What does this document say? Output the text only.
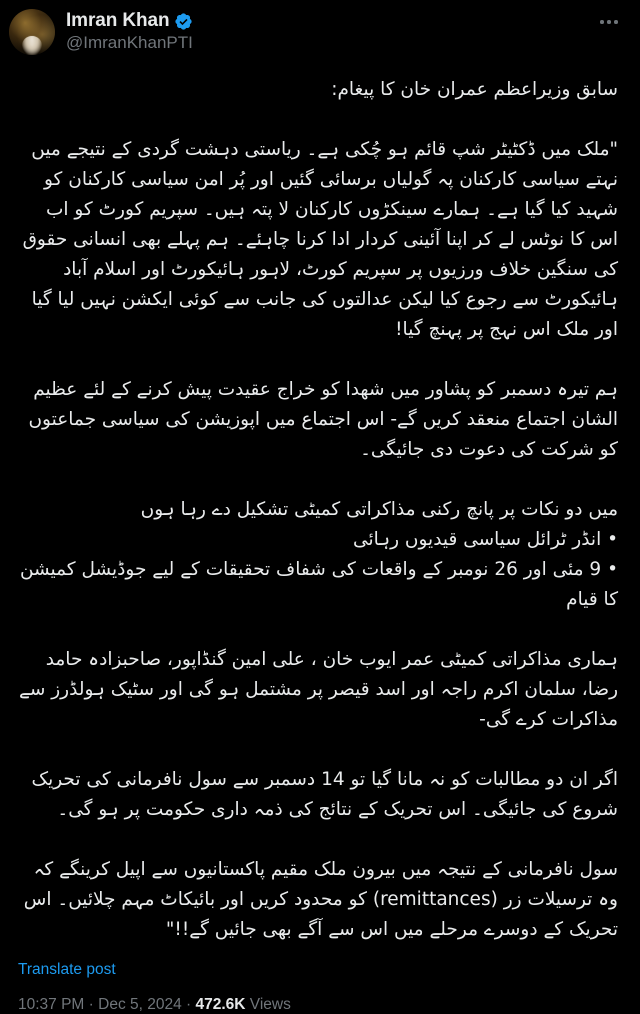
Imran Khan
@ImranKhanPTI
سابق وزیراعظم عمران خان کا پیغام:
"ملک میں ڈکٹیٹر شپ قائم ہو چُکی ہے۔ ریاستی دہشت گردی کے نتیجے میں نہتے سیاسی کارکنان پہ گولیاں برسائی گئیں اور پُر امن سیاسی کارکنان کو شہید کیا گیا ہے۔ ہمارے سینکڑوں کارکنان لا پتہ ہیں۔ سپریم کورٹ کو اب اس کا نوٹس لے کر اپنا آئینی کردار ادا کرنا چاہئے۔ ہم پہلے بھی انسانی حقوق کی سنگین خلاف ورزیوں پر سپریم کورٹ، لاہور ہائیکورٹ اور اسلام آباد ہائیکورٹ سے رجوع کیا لیکن عدالتوں کی جانب سے کوئی ایکشن نہیں لیا گیا اور ملک اس نہج پر پہنچ گیا!
ہم تیرہ دسمبر کو پشاور میں شھدا کو خراج عقیدت پیش کرنے کے لئے عظیم الشان اجتماع منعقد کریں گے- اس اجتماع میں اپوزیشن کی سیاسی جماعتوں کو شرکت کی دعوت دی جائیگی۔
میں دو نکات پر پانچ رکنی مذاکراتی کمیٹی تشکیل دے رہا ہوں
• انڈر ٹرائل سیاسی قیدیوں رہائی
• 9 مئی اور 26 نومبر کے واقعات کی شفاف تحقیقات کے لیے جوڈیشل کمیشن کا قیام
ہماری مذاکراتی کمیٹی عمر ایوب خان ، علی امین گنڈاپور، صاحبزادہ حامد رضا، سلمان اکرم راجہ اور اسد قیصر پر مشتمل ہو گی اور سٹیک ہولڈرز سے مذاکرات کرے گی-
اگر ان دو مطالبات کو نہ مانا گیا تو 14 دسمبر سے سول نافرمانی کی تحریک شروع کی جائیگی۔ اس تحریک کے نتائج کی ذمہ داری حکومت پر ہو گی۔
سول نافرمانی کے نتیجہ میں بیرون ملک مقیم پاکستانیوں سے اپیل کرینگے کہ وہ ترسیلات زر (remittances) کو محدود کریں اور بائیکاٹ مہم چلائیں۔ اس تحریک کے دوسرے مرحلے میں اس سے آگے بھی جائیں گے!!"
Translate post
10:37 PM · Dec 5, 2024 · 472.6K Views
